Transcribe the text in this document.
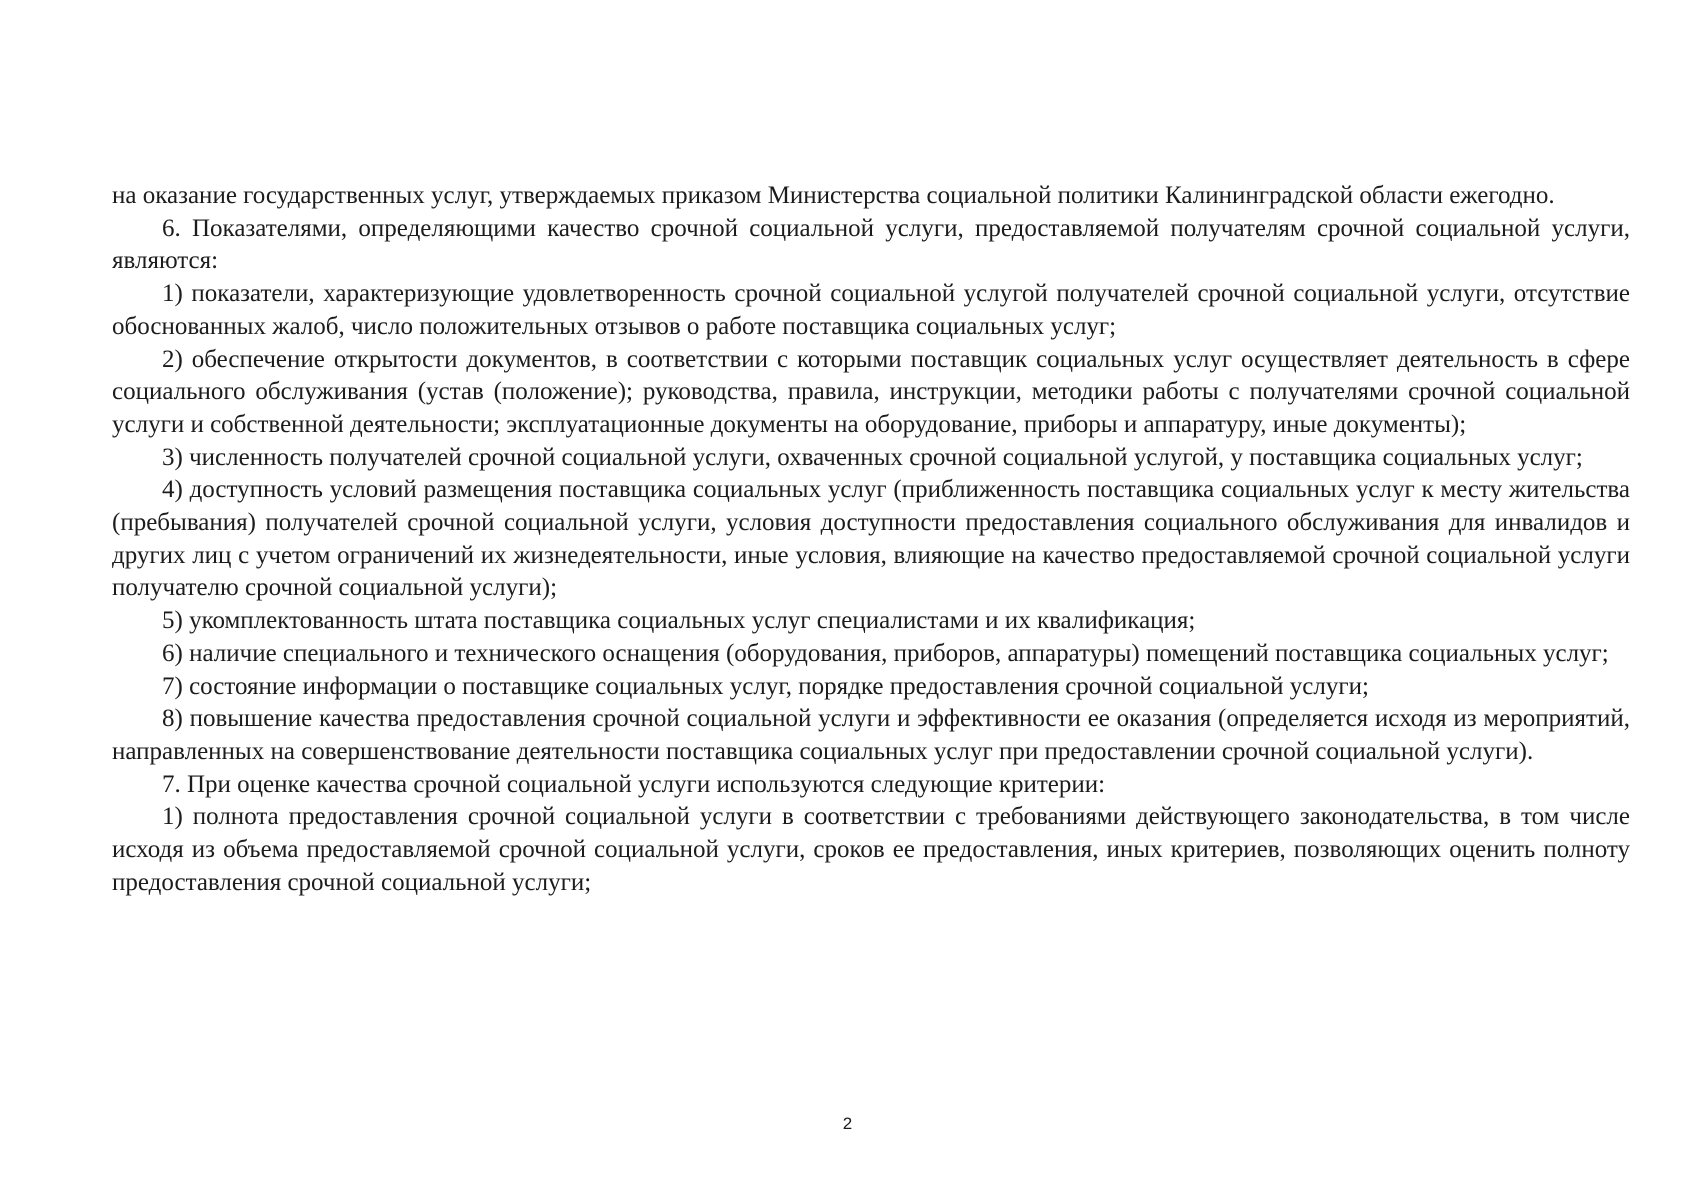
на оказание государственных услуг, утверждаемых приказом Министерства социальной политики Калининградской области ежегодно.

6. Показателями, определяющими качество срочной социальной услуги, предоставляемой получателям срочной социальной услуги, являются:

1) показатели, характеризующие удовлетворенность срочной социальной услугой получателей срочной социальной услуги, отсутствие обоснованных жалоб, число положительных отзывов о работе поставщика социальных услуг;

2) обеспечение открытости документов, в соответствии с которыми поставщик социальных услуг осуществляет деятельность в сфере социального обслуживания (устав (положение); руководства, правила, инструкции, методики работы с получателями срочной социальной услуги и собственной деятельности; эксплуатационные документы на оборудование, приборы и аппаратуру, иные документы);

3) численность получателей срочной социальной услуги, охваченных срочной социальной услугой, у поставщика социальных услуг;

4) доступность условий размещения поставщика социальных услуг (приближенность поставщика социальных услуг к месту жительства (пребывания) получателей срочной социальной услуги, условия доступности предоставления социального обслуживания для инвалидов и других лиц с учетом ограничений их жизнедеятельности, иные условия, влияющие на качество предоставляемой срочной социальной услуги получателю срочной социальной услуги);

5) укомплектованность штата поставщика социальных услуг специалистами и их квалификация;

6) наличие специального и технического оснащения (оборудования, приборов, аппаратуры) помещений поставщика социальных услуг;

7) состояние информации о поставщике социальных услуг, порядке предоставления срочной социальной услуги;

8) повышение качества предоставления срочной социальной услуги и эффективности ее оказания (определяется исходя из мероприятий, направленных на совершенствование деятельности поставщика социальных услуг при предоставлении срочной социальной услуги).

7. При оценке качества срочной социальной услуги используются следующие критерии:

1) полнота предоставления срочной социальной услуги в соответствии с требованиями действующего законодательства, в том числе исходя из объема предоставляемой срочной социальной услуги, сроков ее предоставления, иных критериев, позволяющих оценить полноту предоставления срочной социальной услуги;

2
